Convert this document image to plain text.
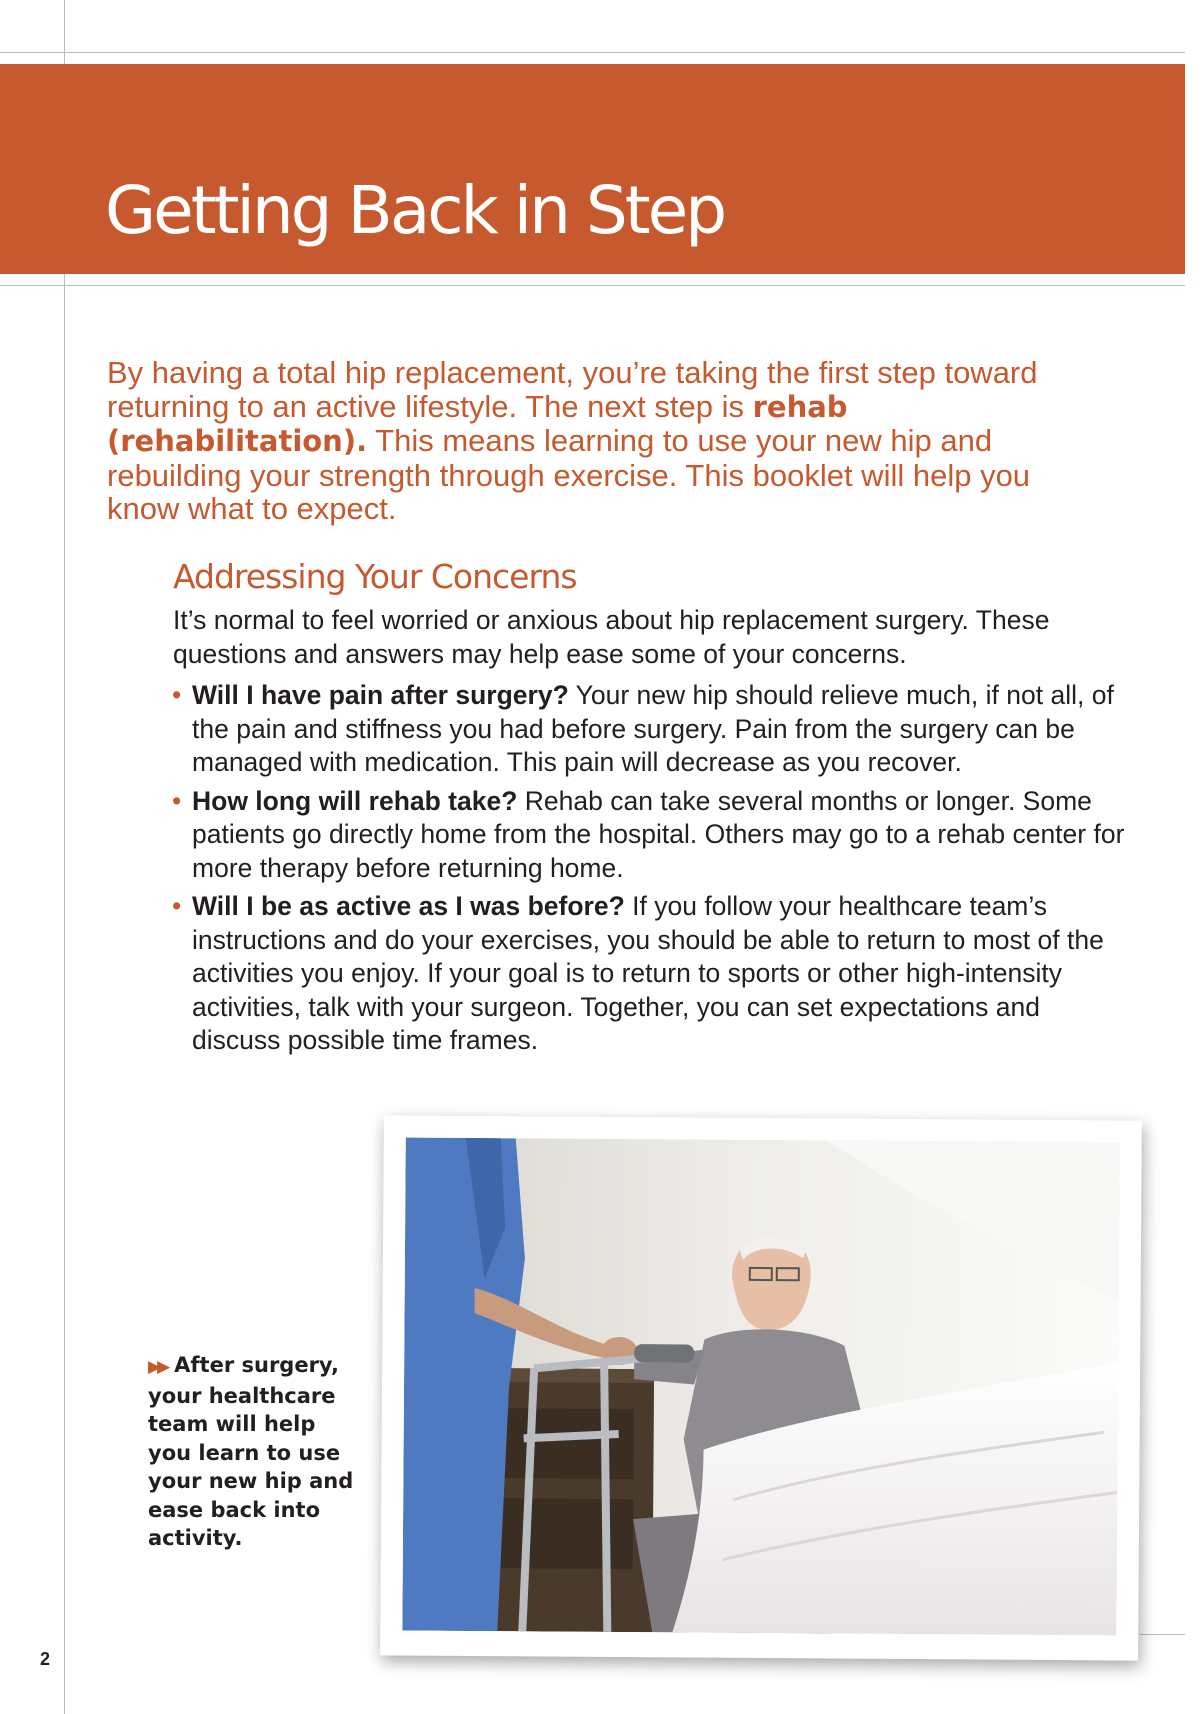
Getting Back in Step

By having a total hip replacement, you’re taking the first step toward returning to an active lifestyle. The next step is rehab (rehabilitation). This means learning to use your new hip and rebuilding your strength through exercise. This booklet will help you know what to expect.

Addressing Your Concerns

It’s normal to feel worried or anxious about hip replacement surgery. These questions and answers may help ease some of your concerns.

• Will I have pain after surgery? Your new hip should relieve much, if not all, of the pain and stiffness you had before surgery. Pain from the surgery can be managed with medication. This pain will decrease as you recover.
• How long will rehab take? Rehab can take several months or longer. Some patients go directly home from the hospital. Others may go to a rehab center for more therapy before returning home.
• Will I be as active as I was before? If you follow your healthcare team’s instructions and do your exercises, you should be able to return to most of the activities you enjoy. If your goal is to return to sports or other high-intensity activities, talk with your surgeon. Together, you can set expectations and discuss possible time frames.

▶▶ After surgery, your healthcare team will help you learn to use your new hip and ease back into activity.

2
